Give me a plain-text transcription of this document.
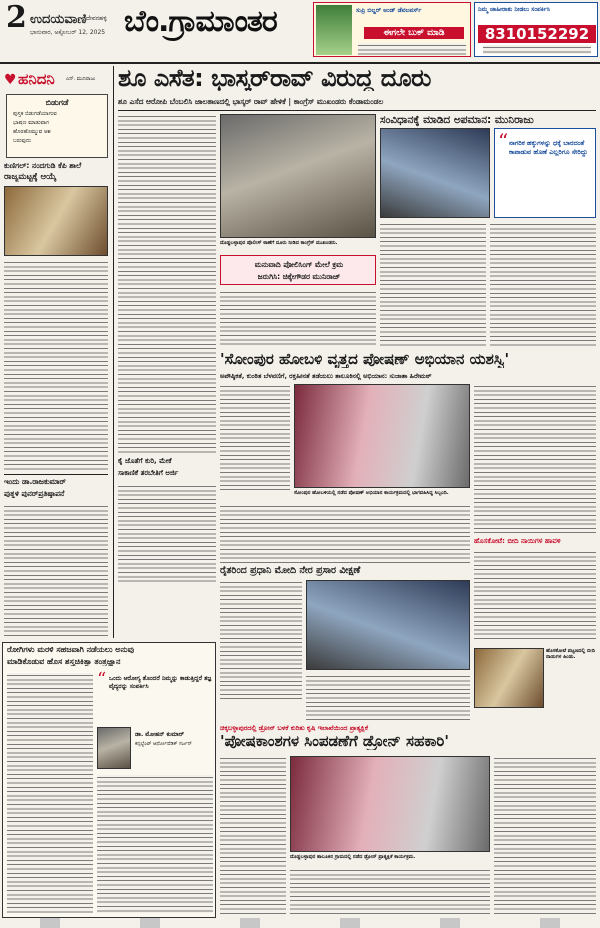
2 ಉದಯವಾಣಿ ದೇವನಹಳ್ಳಿ
ಭಾನುವಾರ, ಅಕ್ಟೋಬರ್ 12, 2025 ಬೆಂ.ಗ್ರಾಮಾಂತರ	ಸುಪ್ರಿ ಬಿಲ್ಡರ್ ಅಂಡ್ ಡೆವಲಪರ್ಸ್
ಈಗಲೇ ಬುಕ್ ಮಾಡಿ
ನಿಮ್ಮ ಜಾಹೀರಾತು ನೀಡಲು ಸಂಪರ್ಕಿಸಿ
8310152292
♥ ಹನಿದನಿ ಎನ್. ಮುನಿರಾಜು
ಬಿಡುಗಡೆ
ಪುಸ್ತಕ ಬಿಡುಗಡೆಯಾಗುವ
ಭಾಷಣ ಮಾಡುವಾಗ
ಹೊರಹೊಮ್ಮುವ ಆಶ
ಬರುವುದು
ಕುಣಿಗಲ್: ನಂದಗುಡಿ ಕೆಪಿ ಶಾಲೆ
ರಾಜ್ಯಮಟ್ಟಕ್ಕೆ ಆಯ್ಕೆ
ಇಂದು ಡಾ.ರಾಜಕುಮಾರ್
ಪುತ್ಥಳಿ ಪುನರ್‌ಪ್ರತಿಷ್ಠಾಪನೆ
ಶೂ ಎಸೆತ: ಭಾಸ್ಕರ್‌ರಾವ್ ವಿರುದ್ಧ ದೂರು
ಶೂ ಎಸೆದ ಆರೋಪಿ ಬೆಂಬಲಿಸಿ ಜಾಲತಾಣದಲ್ಲಿ ಭಾಸ್ಕರ್ ರಾವ್ ಹೇಳಿಕೆ | ಕಾಂಗ್ರೆಸ್ ಮುಖಂಡರು ಕೆಂಡಾಮಂಡಲ
ದೊಡ್ಡಬಳ್ಳಾಪುರ ಪೊಲೀಸ್ ಠಾಣೆಗೆ ದೂರು ನೀಡಿದ ಕಾಂಗ್ರೆಸ್ ಮುಖಂಡರು.
ಮನುವಾದಿ ಪೋಲಿಸಿಂಗ್ ಮೇಲೆ ಕ್ರಮ
ಜರುಗಿಸಿ: ಚಿಕ್ಕೇಗೌಡರ ಮುನಿರಾಜ್
ಸಂವಿಧಾನಕ್ಕೆ ಮಾಡಿದ ಅಪಮಾನ: ಮುನಿರಾಜು
“ ನಾಗರಿಕ ಹಕ್ಕುಗಳನ್ನು ಧಕ್ಕೆ ಬಾರದಂತೆ ಕಾಪಾಡುವ ಹೊಣೆ ಎಲ್ಲರಿಗೂ ಸೇರಿದ್ದು
ಕೈ ಜೊತೆಗೆ ಕುರಿ, ಮೇಕೆ
ಸಾಕಾಣಿಕೆ ತರಬೇತಿಗೆ ಅರ್ಜಿ
'ಸೋಂಪುರ ಹೋಬಳಿ ವೃತ್ತದ ಪೋಷಣ್ ಅಭಿಯಾನ ಯಶಸ್ವಿ'
ಅಪೌಷ್ಠಿಕತೆ, ಕುಂಠಿತ ಬೆಳವಣಿಗೆ, ರಕ್ತಹೀನತೆ ತಡೆಯಲು ತಾಲೂಕಿನಲ್ಲಿ ಅಭಿಯಾನ: ಸುಜಾತಾ ಹಿರೇಮಠ್
ಸೋಂಪುರ ಹೋಬಳಿಯಲ್ಲಿ ನಡೆದ ಪೋಷಣ್ ಅಭಿಯಾನ ಕಾರ್ಯಕ್ರಮದಲ್ಲಿ ಭಾಗವಹಿಸಿದ್ದ ಸಿಬ್ಬಂದಿ.
ರೈತರಿಂದ ಪ್ರಧಾನಿ ಮೋದಿ ನೇರ ಪ್ರಸಾರ ವೀಕ್ಷಣೆ
ಹೊಸಕೋಟೆ: ಬೀದಿ ನಾಯಿಗಳ ಹಾವಳಿ
ಹೊಸಕೋಟೆ ಪಟ್ಟಣದಲ್ಲಿ ಬೀದಿ ನಾಯಿಗಳ ಹಿಂಡು.
ರೋಗಿಗಳು ಮರಳಿ ಸಹಜವಾಗಿ ನಡೆಯಲು ಅನುವು
ಮಾಡಿಕೊಡುವ ಹೊಸ ಶಸ್ತ್ರಚಿಕಿತ್ಸಾ ತಂತ್ರಜ್ಞಾನ
“ ಒಂದು ಆರೋಗ್ಯ ತೊಂದರೆ ನಿಮ್ಮನ್ನು ಕಾಡುತ್ತಿದ್ದರೆ ತಜ್ಞ ವೈದ್ಯರನ್ನು ಸಂಪರ್ಕಿಸಿ
ಡಾ. ಮೋಹನ್ ಕುಮಾರ್
ಕನ್ಸಲ್ಟೆಂಟ್ ಆರ್ಥೋಪೆಡಿಕ್ ಸರ್ಜನ್
ಚಿಕ್ಕಬಳ್ಳಾಪುರದಲ್ಲಿ ಡ್ರೋನ್ ಬಳಕೆ ಕುರಿತು ಕೃಷಿ ಇಲಾಖೆಯಿಂದ ಪ್ರಾತ್ಯಕ್ಷಿಕೆ
'ಪೋಷಕಾಂಶಗಳ ಸಿಂಪಡಣೆಗೆ ಡ್ರೋನ್ ಸಹಕಾರಿ'
ದೊಡ್ಡಬಳ್ಳಾಪುರ ತಾಲೂಕಿನ ಗ್ರಾಮದಲ್ಲಿ ನಡೆದ ಡ್ರೋನ್ ಪ್ರಾತ್ಯಕ್ಷಿಕೆ ಕಾರ್ಯಕ್ರಮ.
